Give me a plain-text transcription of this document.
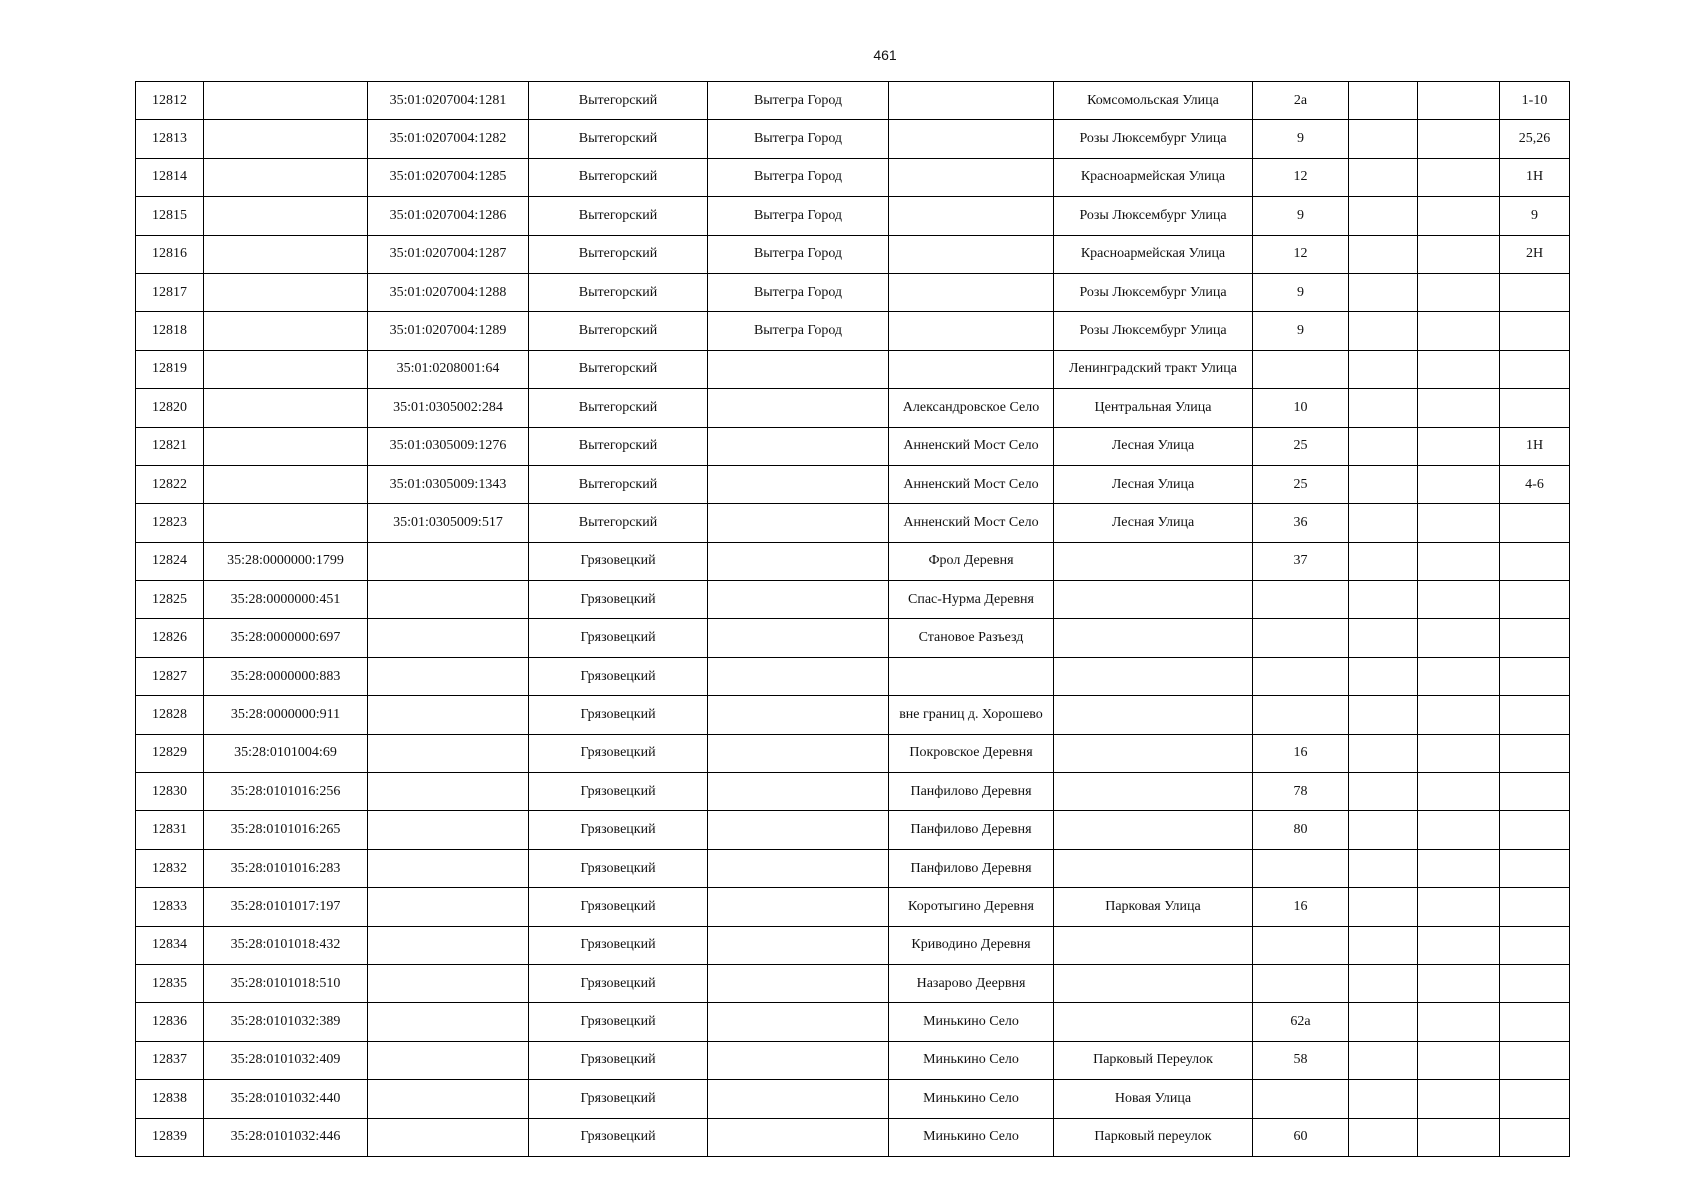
461
12812		35:01:0207004:1281	Вытегорский	Вытегра Город		Комсомольская Улица	2а			1-10
12813		35:01:0207004:1282	Вытегорский	Вытегра Город		Розы Люксембург Улица	9			25,26
12814		35:01:0207004:1285	Вытегорский	Вытегра Город		Красноармейская Улица	12			1Н
12815		35:01:0207004:1286	Вытегорский	Вытегра Город		Розы Люксембург Улица	9			9
12816		35:01:0207004:1287	Вытегорский	Вытегра Город		Красноармейская Улица	12			2Н
12817		35:01:0207004:1288	Вытегорский	Вытегра Город		Розы Люксембург Улица	9			
12818		35:01:0207004:1289	Вытегорский	Вытегра Город		Розы Люксембург Улица	9			
12819		35:01:0208001:64	Вытегорский			Ленинградский тракт Улица				
12820		35:01:0305002:284	Вытегорский		Александровское Село	Центральная Улица	10			
12821		35:01:0305009:1276	Вытегорский		Анненский Мост Село	Лесная Улица	25			1Н
12822		35:01:0305009:1343	Вытегорский		Анненский Мост Село	Лесная Улица	25			4-6
12823		35:01:0305009:517	Вытегорский		Анненский Мост Село	Лесная Улица	36			
12824	35:28:0000000:1799		Грязовецкий		Фрол Деревня		37			
12825	35:28:0000000:451		Грязовецкий		Спас-Нурма Деревня					
12826	35:28:0000000:697		Грязовецкий		Становое Разъезд					
12827	35:28:0000000:883		Грязовецкий							
12828	35:28:0000000:911		Грязовецкий		вне границ д. Хорошево					
12829	35:28:0101004:69		Грязовецкий		Покровское Деревня		16			
12830	35:28:0101016:256		Грязовецкий		Панфилово Деревня		78			
12831	35:28:0101016:265		Грязовецкий		Панфилово Деревня		80			
12832	35:28:0101016:283		Грязовецкий		Панфилово Деревня					
12833	35:28:0101017:197		Грязовецкий		Коротыгино Деревня	Парковая Улица	16			
12834	35:28:0101018:432		Грязовецкий		Криводино Деревня					
12835	35:28:0101018:510		Грязовецкий		Назарово Деервня					
12836	35:28:0101032:389		Грязовецкий		Минькино Село		62а			
12837	35:28:0101032:409		Грязовецкий		Минькино Село	Парковый Переулок	58			
12838	35:28:0101032:440		Грязовецкий		Минькино Село	Новая Улица				
12839	35:28:0101032:446		Грязовецкий		Минькино Село	Парковый переулок	60			
